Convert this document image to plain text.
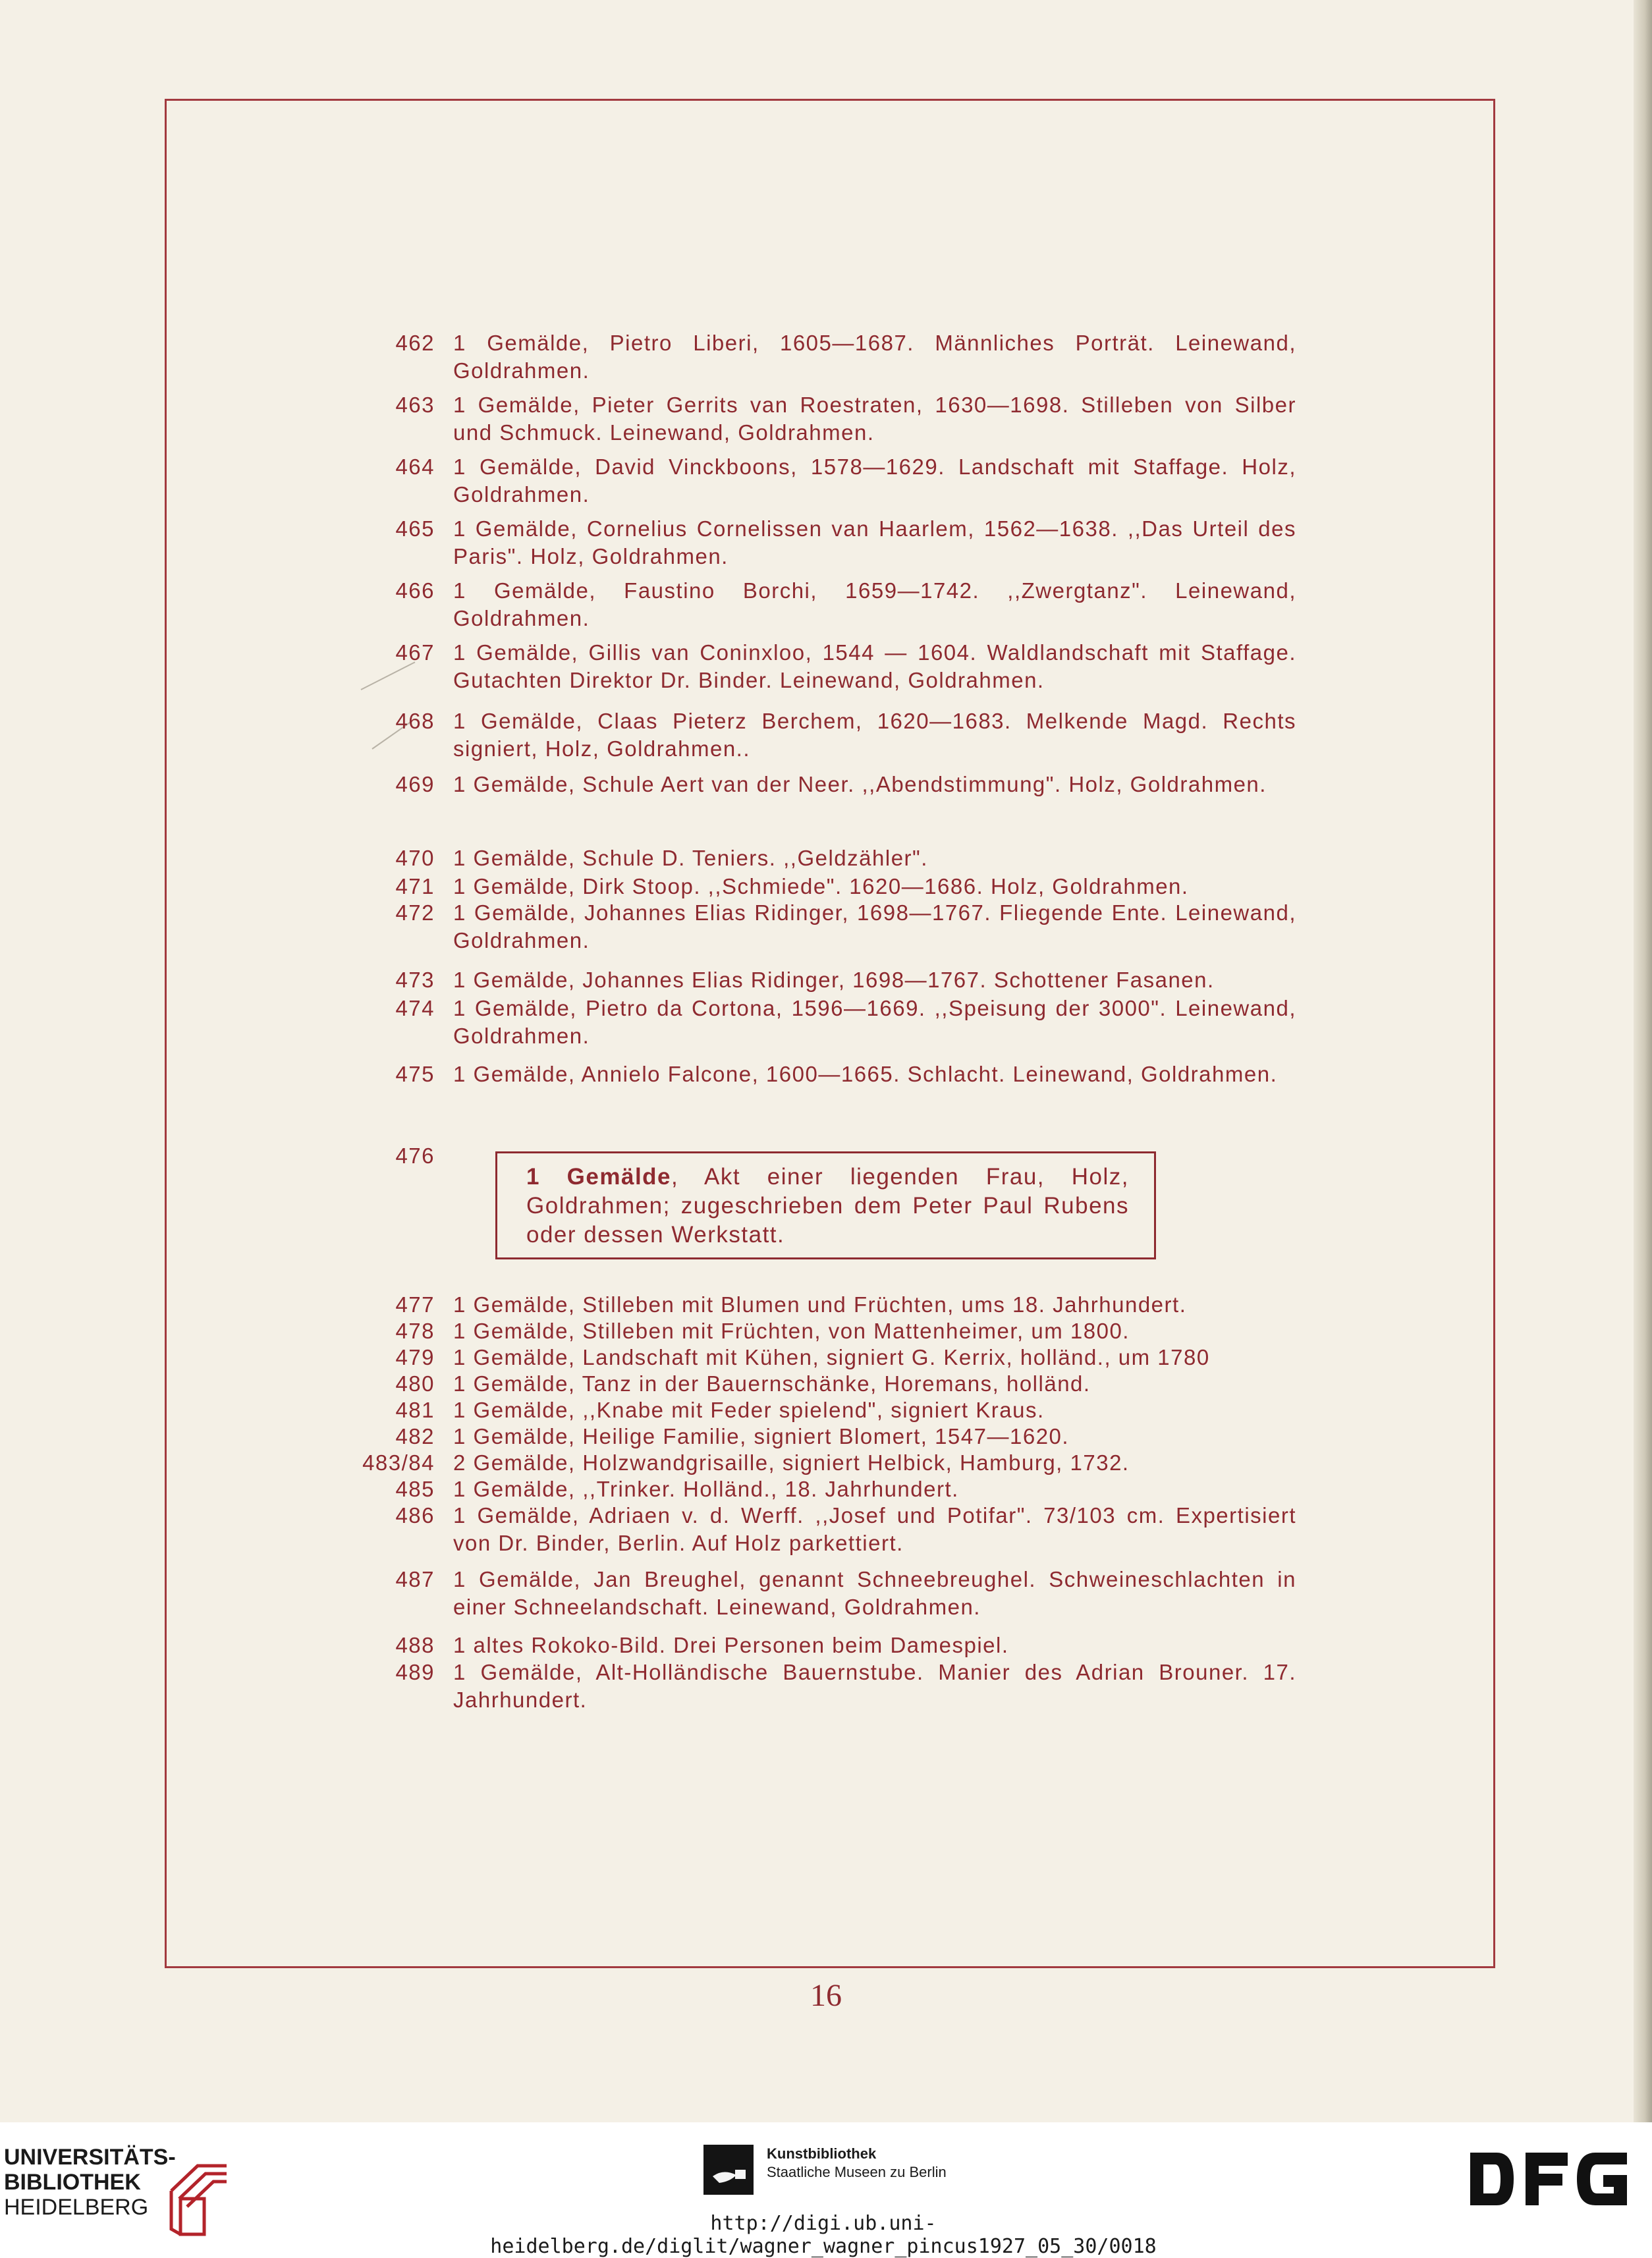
462 1 Gemälde, Pietro Liberi, 1605—1687. Männliches Porträt. Leinewand, Goldrahmen.
463 1 Gemälde, Pieter Gerrits van Roestraten, 1630—1698. Stilleben von Silber und Schmuck. Leinewand, Goldrahmen.
464 1 Gemälde, David Vinckboons, 1578—1629. Landschaft mit Staffage. Holz, Goldrahmen.
465 1 Gemälde, Cornelius Cornelissen van Haarlem, 1562—1638. ,,Das Urteil des Paris". Holz, Goldrahmen.
466 1 Gemälde, Faustino Borchi, 1659—1742. ,,Zwergtanz". Leinewand, Goldrahmen.
467 1 Gemälde, Gillis van Coninxloo, 1544 — 1604. Waldlandschaft mit Staffage. Gutachten Direktor Dr. Binder. Leinewand, Goldrahmen.
468 1 Gemälde, Claas Pieterz Berchem, 1620—1683. Melkende Magd. Rechts signiert, Holz, Goldrahmen..
469 1 Gemälde, Schule Aert van der Neer. ,,Abendstimmung". Holz, Goldrahmen.
470 1 Gemälde, Schule D. Teniers. ,,Geldzähler".
471 1 Gemälde, Dirk Stoop. ,,Schmiede". 1620—1686. Holz, Goldrahmen.
472 1 Gemälde, Johannes Elias Ridinger, 1698—1767. Fliegende Ente. Leinewand, Goldrahmen.
473 1 Gemälde, Johannes Elias Ridinger, 1698—1767. Schottener Fasanen.
474 1 Gemälde, Pietro da Cortona, 1596—1669. ,,Speisung der 3000". Leinewand, Goldrahmen.
475 1 Gemälde, Annielo Falcone, 1600—1665. Schlacht. Leinewand, Goldrahmen.
476
477 1 Gemälde, Stilleben mit Blumen und Früchten, ums 18. Jahrhundert.
478 1 Gemälde, Stilleben mit Früchten, von Mattenheimer, um 1800.
479 1 Gemälde, Landschaft mit Kühen, signiert G. Kerrix, holländ., um 1780
480 1 Gemälde, Tanz in der Bauernschänke, Horemans, holländ.
481 1 Gemälde, ,,Knabe mit Feder spielend", signiert Kraus.
482 1 Gemälde, Heilige Familie, signiert Blomert, 1547—1620.
483/84 2 Gemälde, Holzwandgrisaille, signiert Helbick, Hamburg, 1732.
485 1 Gemälde, ,,Trinker. Holländ., 18. Jahrhundert.
486 1 Gemälde, Adriaen v. d. Werff. ,,Josef und Potifar". 73/103 cm. Expertisiert von Dr. Binder, Berlin. Auf Holz parkettiert.
487 1 Gemälde, Jan Breughel, genannt Schneebreughel. Schweineschlachten in einer Schneelandschaft. Leinewand, Goldrahmen.
488 1 altes Rokoko-Bild. Drei Personen beim Damespiel.
489 1 Gemälde, Alt-Holländische Bauernstube. Manier des Adrian Brouner. 17. Jahrhundert.
1 Gemälde, Akt einer liegenden Frau, Holz, Goldrahmen; zugeschrieben dem Peter Paul Rubens oder dessen Werkstatt.
16
UNIVERSITÄTS-
BIBLIOTHEK
HEIDELBERG
Kunstbibliothek
Staatliche Museen zu Berlin
http://digi.ub.uni-heidelberg.de/diglit/wagner_wagner_pincus1927_05_30/0018
